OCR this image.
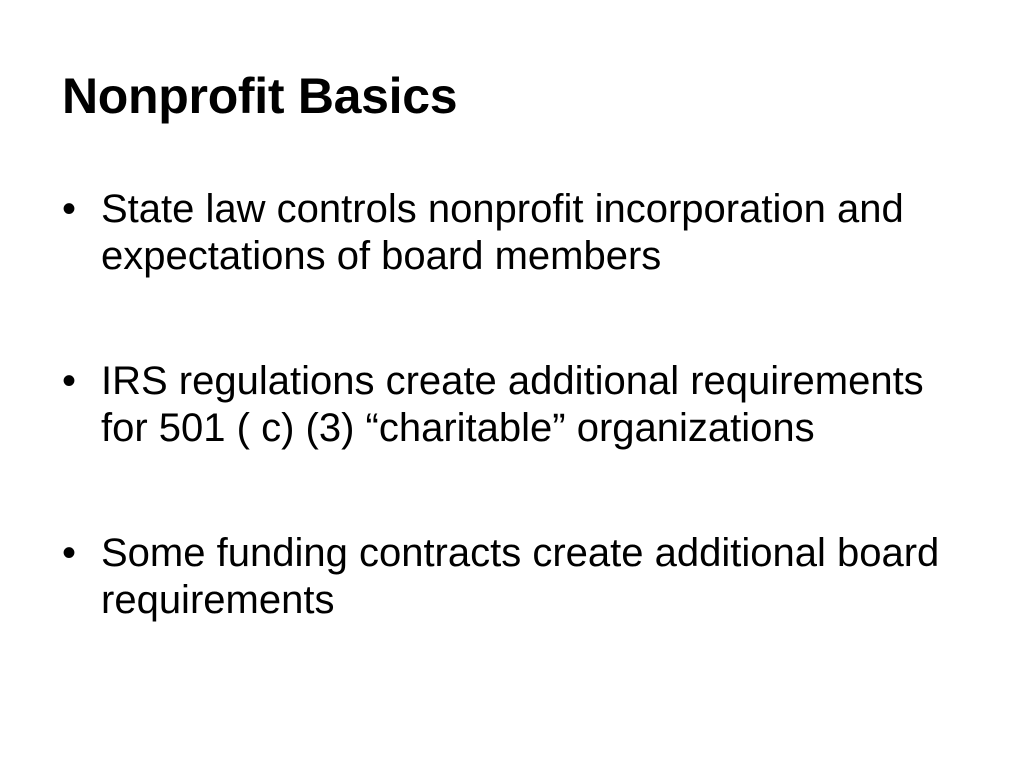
Nonprofit Basics
• State law controls nonprofit incorporation and expectations of board members
• IRS regulations create additional requirements for 501 ( c) (3) “charitable” organizations
• Some funding contracts create additional board requirements
